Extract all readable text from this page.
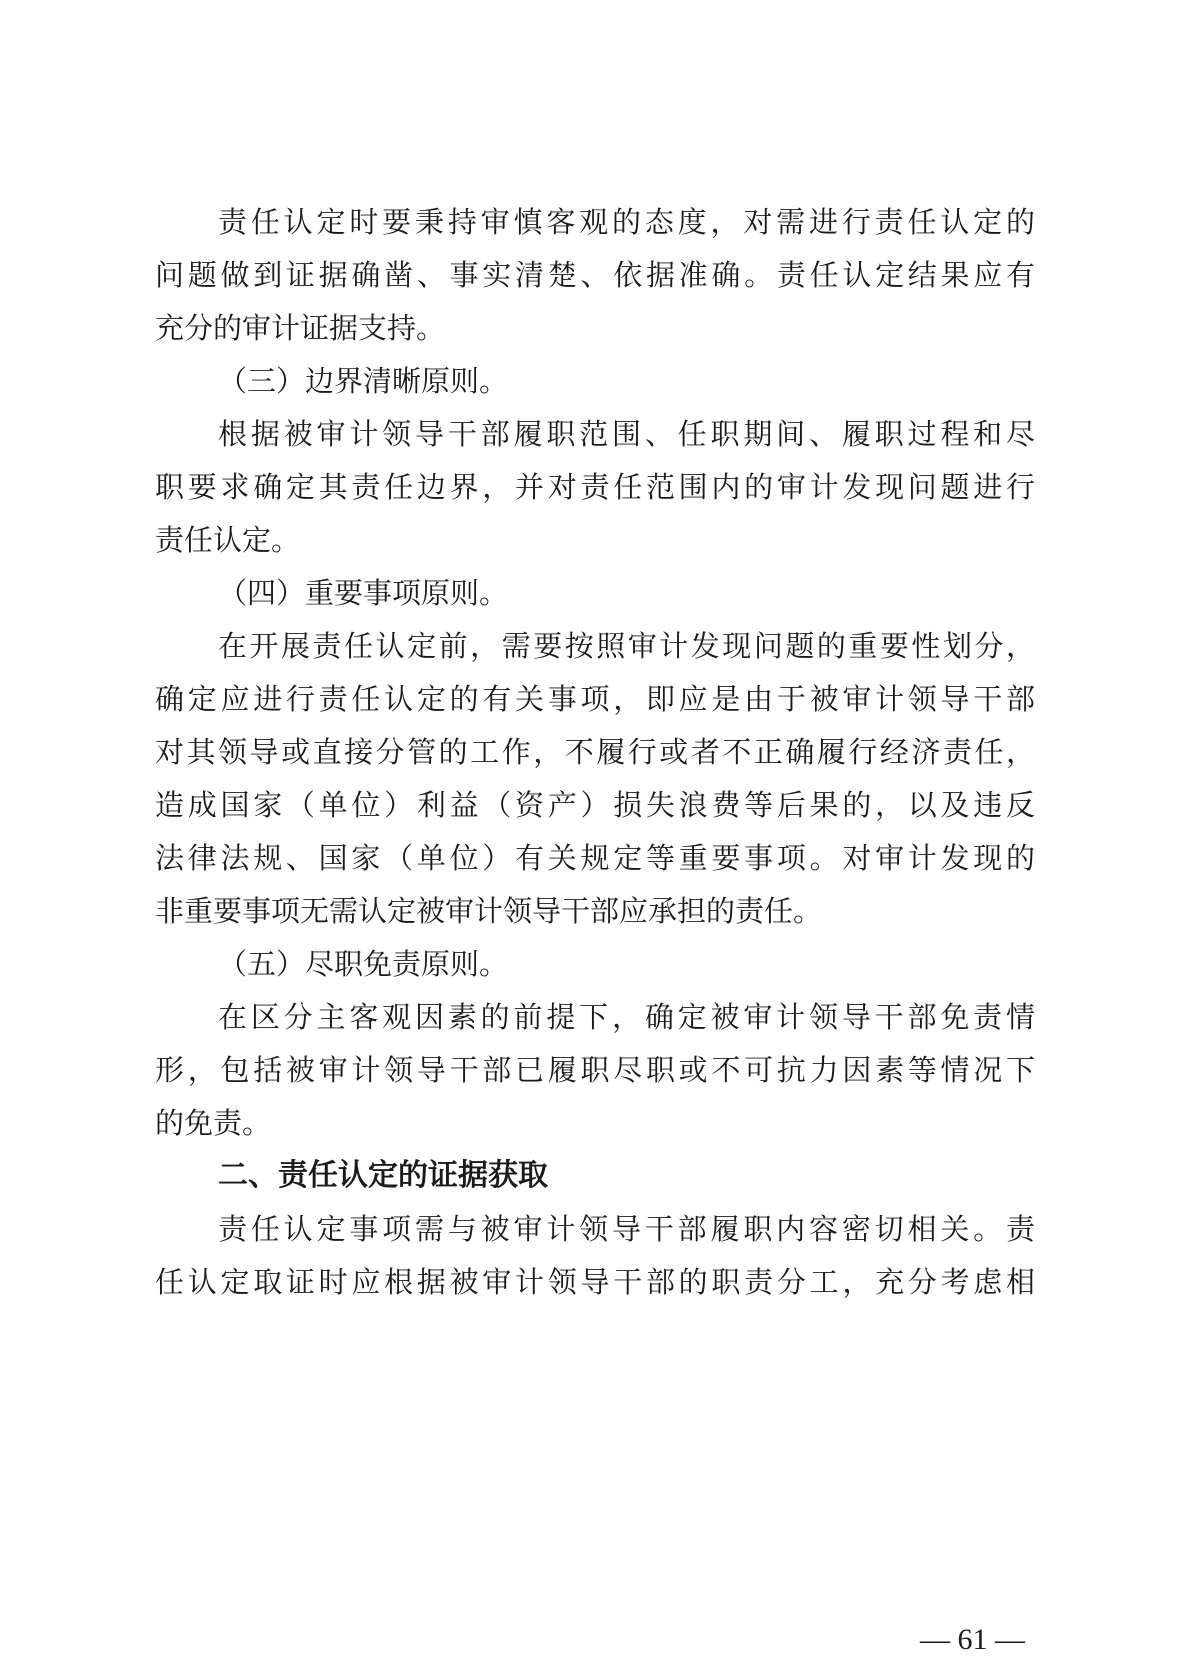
责任认定时要秉持审慎客观的态度，对需进行责任认定的
问题做到证据确凿、事实清楚、依据准确。责任认定结果应有
充分的审计证据支持。
（三）边界清晰原则。
根据被审计领导干部履职范围、任职期间、履职过程和尽
职要求确定其责任边界，并对责任范围内的审计发现问题进行
责任认定。
（四）重要事项原则。
在开展责任认定前，需要按照审计发现问题的重要性划分，
确定应进行责任认定的有关事项，即应是由于被审计领导干部
对其领导或直接分管的工作，不履行或者不正确履行经济责任，
造成国家（单位）利益（资产）损失浪费等后果的，以及违反
法律法规、国家（单位）有关规定等重要事项。对审计发现的
非重要事项无需认定被审计领导干部应承担的责任。
（五）尽职免责原则。
在区分主客观因素的前提下，确定被审计领导干部免责情
形，包括被审计领导干部已履职尽职或不可抗力因素等情况下
的免责。
二、责任认定的证据获取
责任认定事项需与被审计领导干部履职内容密切相关。责
任认定取证时应根据被审计领导干部的职责分工，充分考虑相
— 61 —
